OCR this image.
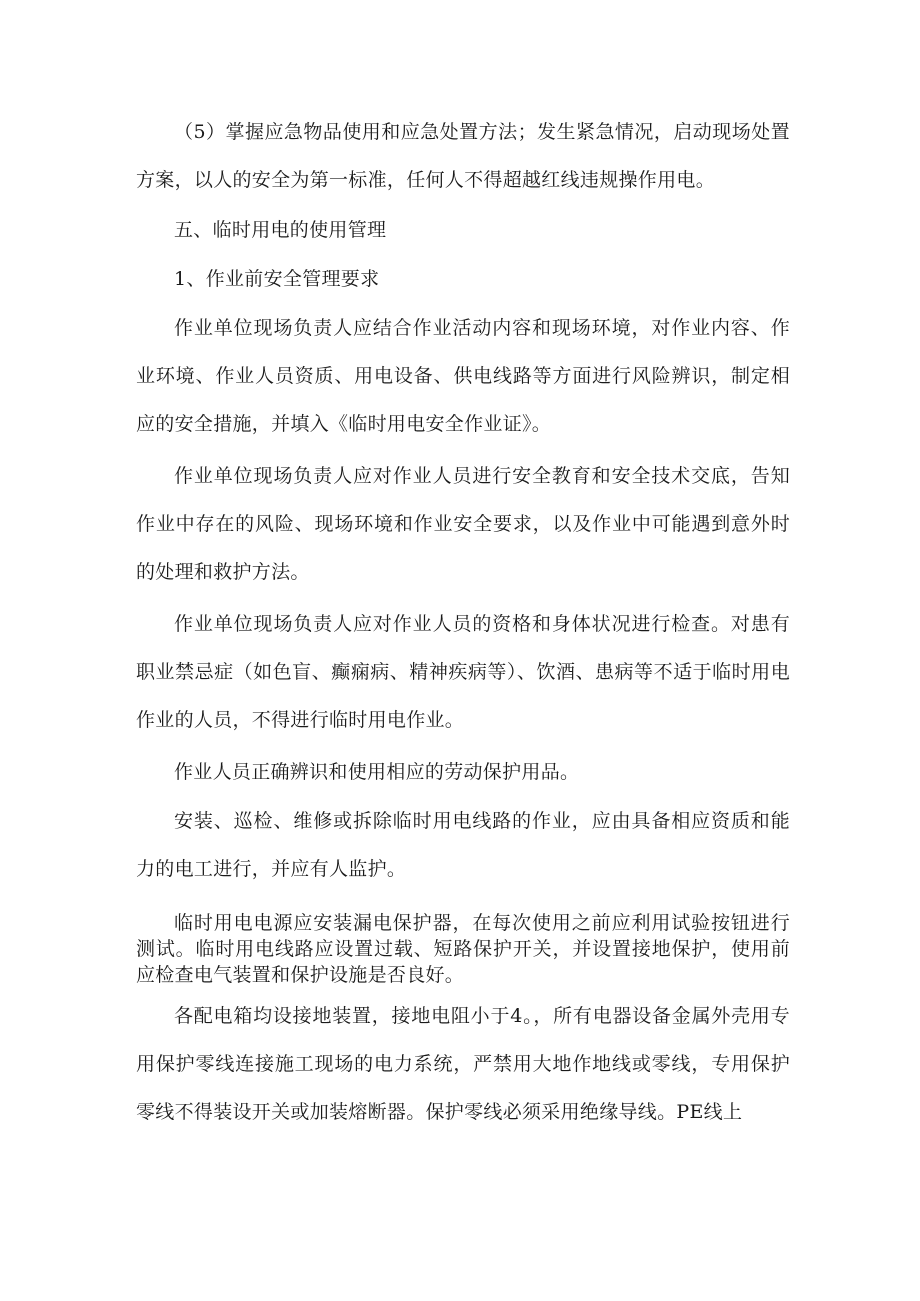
（5）掌握应急物品使用和应急处置方法；发生紧急情况，启动现场处置方案，以人的安全为第一标准，任何人不得超越红线违规操作用电。

五、临时用电的使用管理

1、作业前安全管理要求

作业单位现场负责人应结合作业活动内容和现场环境，对作业内容、作业环境、作业人员资质、用电设备、供电线路等方面进行风险辨识，制定相应的安全措施，并填入《临时用电安全作业证》。

作业单位现场负责人应对作业人员进行安全教育和安全技术交底，告知作业中存在的风险、现场环境和作业安全要求，以及作业中可能遇到意外时的处理和救护方法。

作业单位现场负责人应对作业人员的资格和身体状况进行检查。对患有职业禁忌症（如色盲、癫痫病、精神疾病等）、饮酒、患病等不适于临时用电作业的人员，不得进行临时用电作业。

作业人员正确辨识和使用相应的劳动保护用品。

安装、巡检、维修或拆除临时用电线路的作业，应由具备相应资质和能力的电工进行，并应有人监护。

临时用电电源应安装漏电保护器，在每次使用之前应利用试验按钮进行测试。临时用电线路应设置过载、短路保护开关，并设置接地保护，使用前应检查电气装置和保护设施是否良好。

各配电箱均设接地装置，接地电阻小于4。，所有电器设备金属外壳用专用保护零线连接施工现场的电力系统，严禁用大地作地线或零线，专用保护零线不得装设开关或加装熔断器。保护零线必须采用绝缘导线。PE线上
